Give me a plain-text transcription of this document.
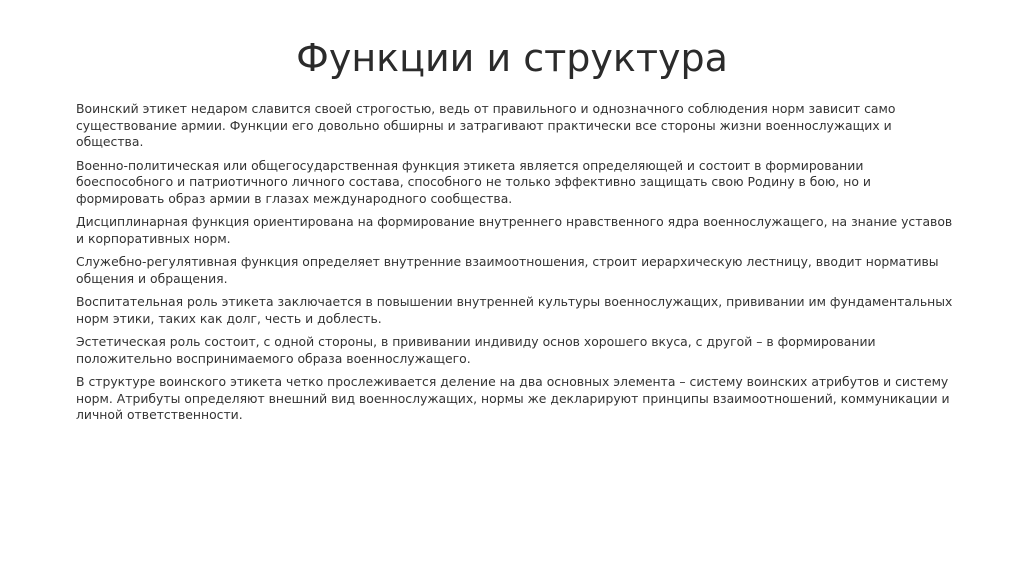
Функции и структура

Воинский этикет недаром славится своей строгостью, ведь от правильного и однозначного соблюдения норм зависит само существование армии. Функции его довольно обширны и затрагивают практически все стороны жизни военнослужащих и общества.

Военно-политическая или общегосударственная функция этикета является определяющей и состоит в формировании боеспособного и патриотичного личного состава, способного не только эффективно защищать свою Родину в бою, но и формировать образ армии в глазах международного сообщества.

Дисциплинарная функция ориентирована на формирование внутреннего нравственного ядра военнослужащего, на знание уставов и корпоративных норм.

Служебно-регулятивная функция определяет внутренние взаимоотношения, строит иерархическую лестницу, вводит нормативы общения и обращения.

Воспитательная роль этикета заключается в повышении внутренней культуры военнослужащих, прививании им фундаментальных норм этики, таких как долг, честь и доблесть.

Эстетическая роль состоит, с одной стороны, в прививании индивиду основ хорошего вкуса, с другой – в формировании положительно воспринимаемого образа военнослужащего.

В структуре воинского этикета четко прослеживается деление на два основных элемента – систему воинских атрибутов и систему норм. Атрибуты определяют внешний вид военнослужащих, нормы же декларируют принципы взаимоотношений, коммуникации и личной ответственности.
